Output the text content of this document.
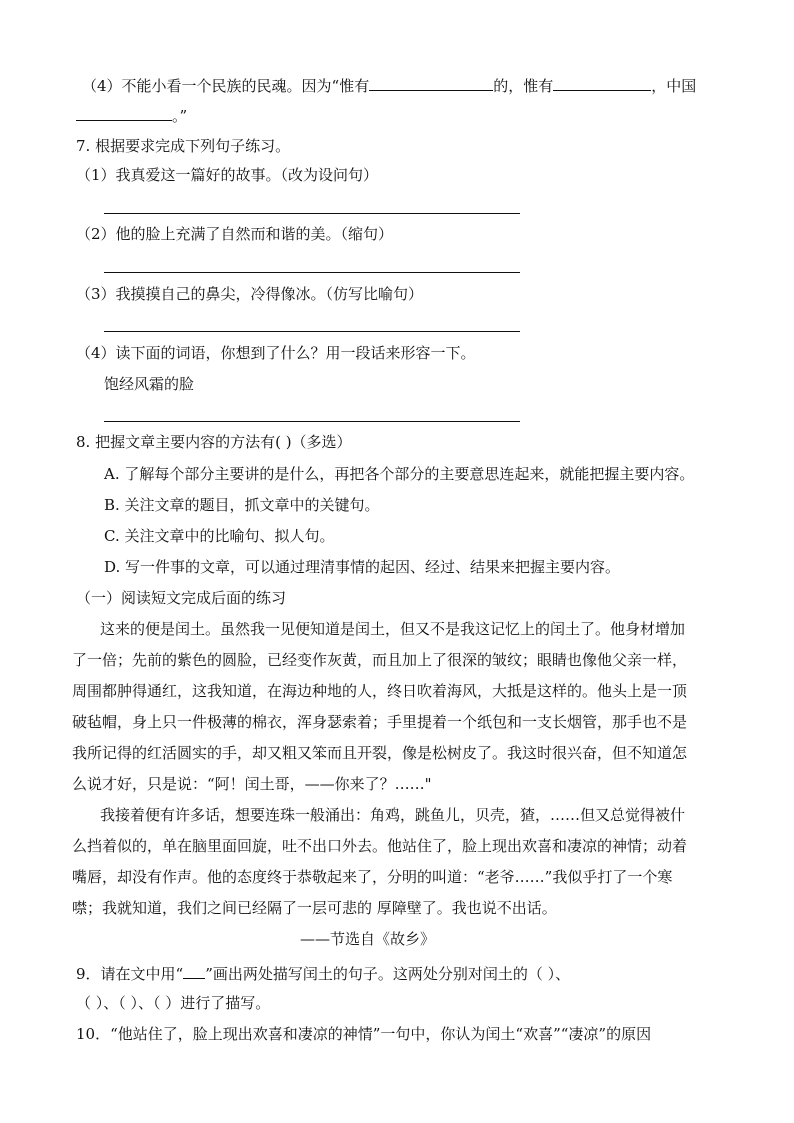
（4）不能小看一个民族的民魂。因为“惟有	的，惟有	，中国
。”
7. 根据要求完成下列句子练习。
（1）我真爱这一篇好的故事。（改为设问句）
（2）他的脸上充满了自然而和谐的美。（缩句）
（3）我摸摸自己的鼻尖，冷得像冰。（仿写比喻句）
（4）读下面的词语，你想到了什么？用一段话来形容一下。
饱经风霜的脸
8. 把握文章主要内容的方法有( )（多选）
A. 了解每个部分主要讲的是什么，再把各个部分的主要意思连起来，就能把握主要内容。
B. 关注文章的题目，抓文章中的关键句。
C. 关注文章中的比喻句、拟人句。
D. 写一件事的文章，可以通过理清事情的起因、经过、结果来把握主要内容。
（一）阅读短文完成后面的练习
这来的便是闰土。虽然我一见便知道是闰土，但又不是我这记忆上的闰土了。他身材增加
了一倍；先前的紫色的圆脸，已经变作灰黄，而且加上了很深的皱纹；眼睛也像他父亲一样，
周围都肿得通红，这我知道，在海边种地的人，终日吹着海风，大抵是这样的。他头上是一顶
破毡帽，身上只一件极薄的棉衣，浑身瑟索着；手里提着一个纸包和一支长烟管，那手也不是
我所记得的红活圆实的手，却又粗又笨而且开裂，像是松树皮了。我这时很兴奋，但不知道怎
么说才好，只是说：“阿！闰土哥，——你来了？……"
我接着便有许多话，想要连珠一般涌出：角鸡，跳鱼儿，贝壳，猹，……但又总觉得被什
么挡着似的，单在脑里面回旋，吐不出口外去。他站住了，脸上现出欢喜和凄凉的神情；动着
嘴唇，却没有作声。他的态度终于恭敬起来了，分明的叫道：“老爷……”我似乎打了一个寒
噤；我就知道，我们之间已经隔了一层可悲的 厚障壁了。我也说不出话。
——节选自《故乡》
9．请在文中用“ ”画出两处描写闰土的句子。这两处分别对闰土的（ ）、
（ ）、（ ）、（ ）进行了描写。
10．“他站住了，脸上现出欢喜和凄凉的神情”一句中，你认为闰土“欢喜”“凄凉”的原因
